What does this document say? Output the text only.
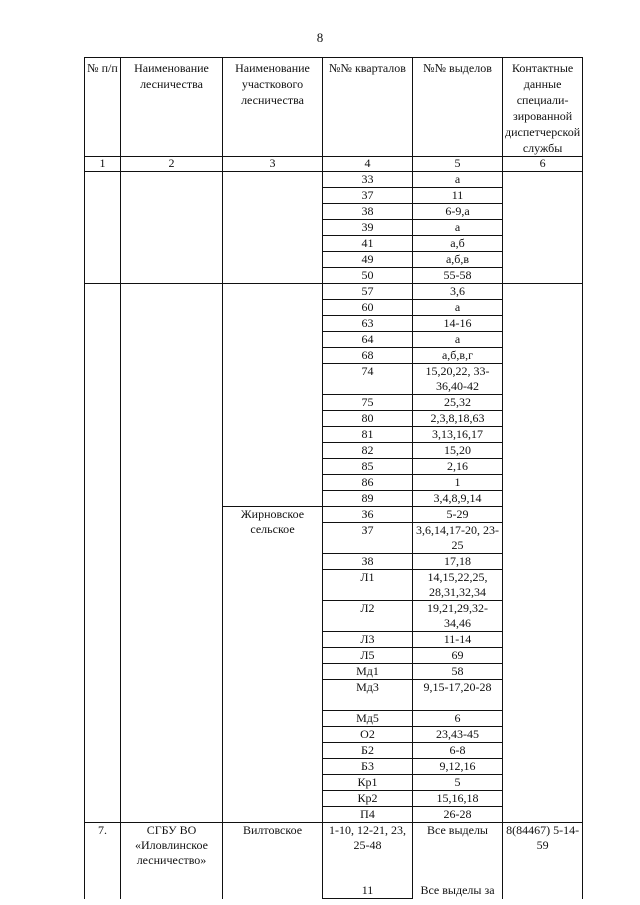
8
№ п/п	Наименование лесничества	Наименование участкового лесничества	№№ кварталов	№№ выделов	Контактные данные специали-зированной диспетчерской службы
1	2	3	4	5	6
			33	а	
			37	11	
			38	6-9,а	
			39	а	
			41	а,б	
			49	а,б,в	
			50	55-58	
			57	3,6	
			60	а	
			63	14-16	
			64	а	
			68	а,б,в,г	
			74	15,20,22, 33-36,40-42	
			75	25,32	
			80	2,3,8,18,63	
			81	3,13,16,17	
			82	15,20	
			85	2,16	
			86	1	
			89	3,4,8,9,14	
		Жирновское сельское	З6	5-29	
			З7	3,6,14,17-20, 23-25	
			З8	17,18	
			Л1	14,15,22,25, 28,31,32,34	
			Л2	19,21,29,32- 34,46	
			Л3	11-14	
			Л5	69	
			Мд1	58	
			Мд3	9,15-17,20-28	
			Мд5	6	
			О2	23,43-45	
			Б2	6-8	
			Б3	9,12,16	
			Кр1	5	
			Кр2	15,16,18	
			П4	26-28	
7.	СГБУ ВО «Иловлинское лесничество»	Вилтовское	1-10, 12-21, 23, 25-48	Все выделы	8(84467) 5-14-59
			11	Все выделы за	
